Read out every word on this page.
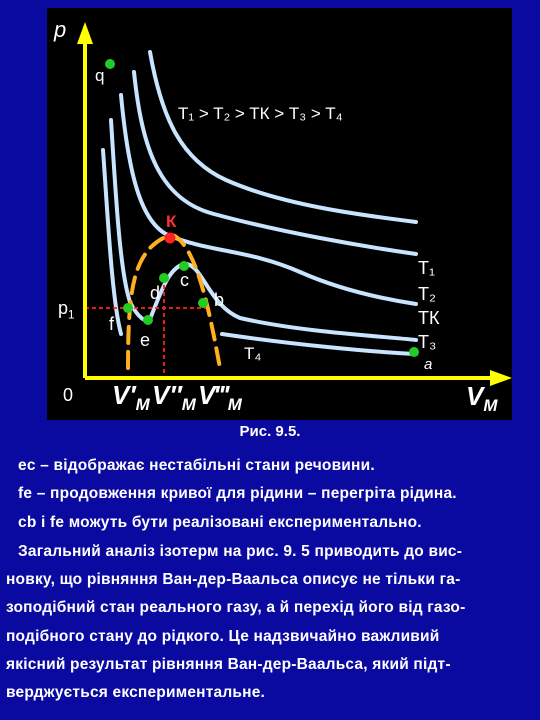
p
q
T₁ > T₂ > TК > T₃ > T₄
К
c
d	b
f
e
$p_1$
0
T₄
T₁
T₂
TК
T₃
a
$V'_M$ $V''_M$ $V‴_M$	$V_M$
Рис. 9.5.
ec – відображає нестабільні стани речовини.
fe – продовження кривої для рідини – перегріта рідина.
cb і fe можуть бути реалізовані експериментально.
Загальний аналіз ізотерм на рис. 9. 5 приводить до вис-
новку, що рівняння Ван-дер-Ваальса описує не тільки га-
зоподібний стан реального газу, а й перехід його від газо-
подібного стану до рідкого. Це надзвичайно важливий
якісний результат рівняння Ван-дер-Ваальса, який підт-
верджується експериментальне.
